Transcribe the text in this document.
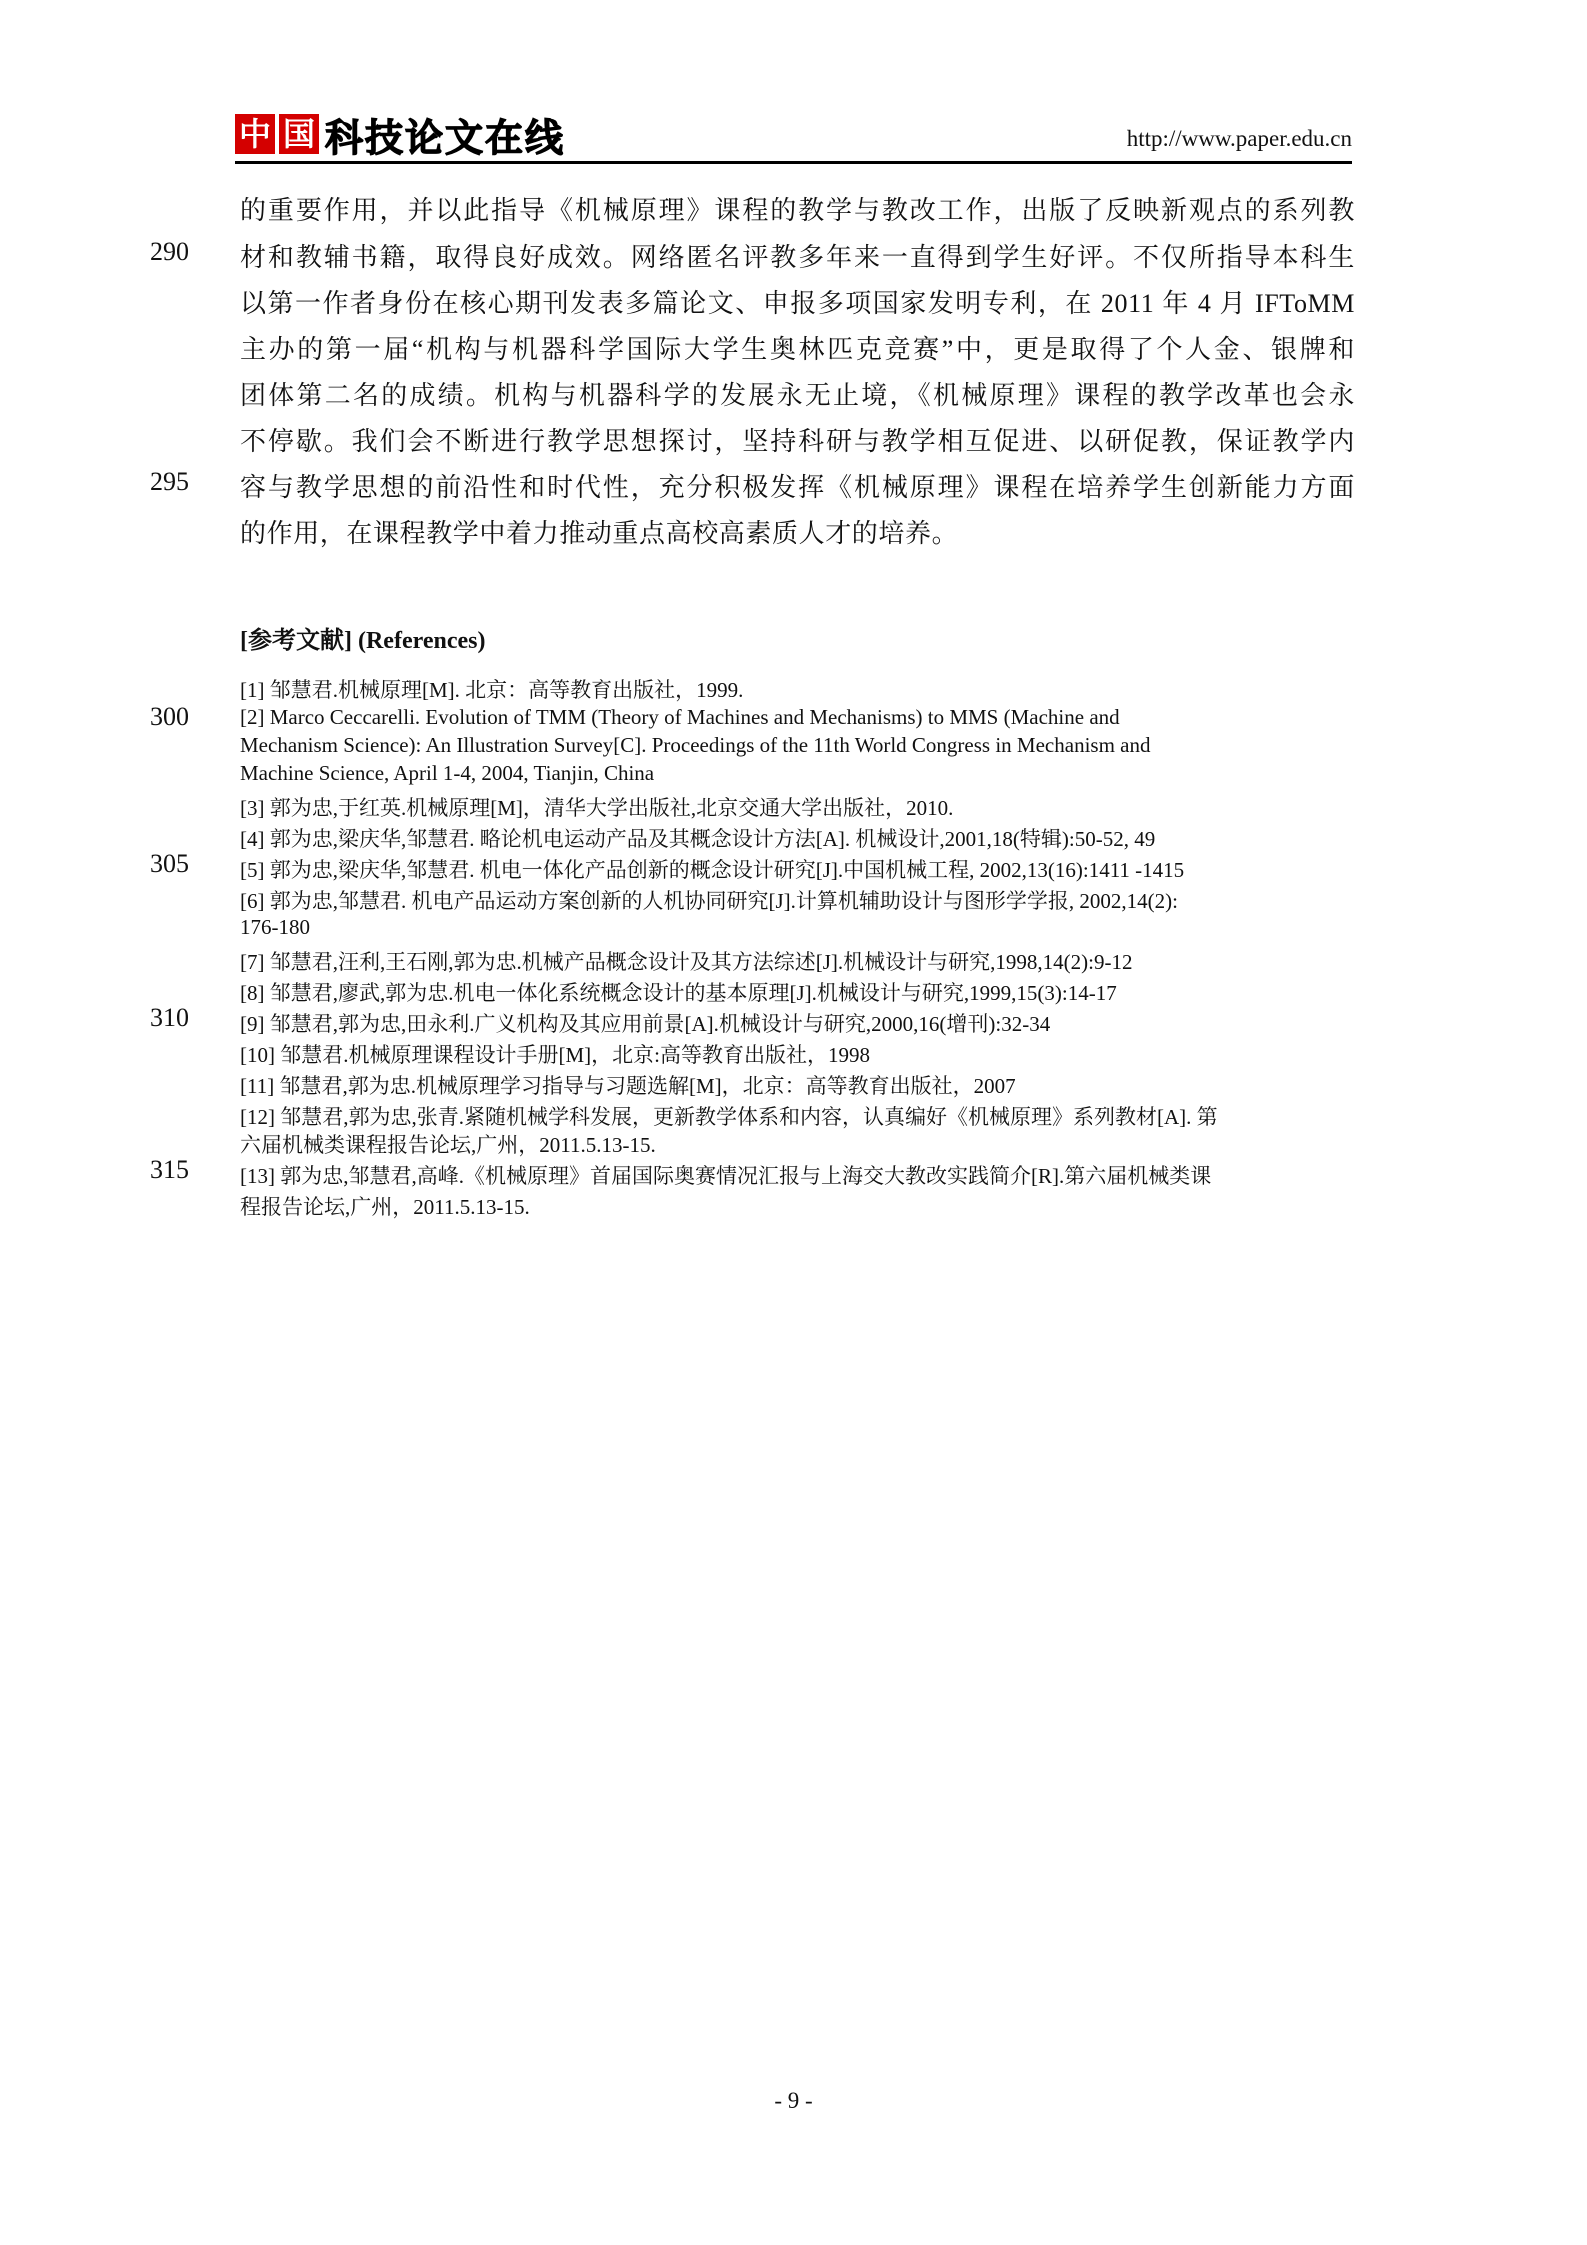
中 国 科技论文在线	http://www.paper.edu.cn
的重要作用，并以此指导《机械原理》课程的教学与教改工作，出版了反映新观点的系列教
290 材和教辅书籍，取得良好成效。网络匿名评教多年来一直得到学生好评。不仅所指导本科生
以第一作者身份在核心期刊发表多篇论文、申报多项国家发明专利，在 2011 年 4 月 IFToMM
主办的第一届“机构与机器科学国际大学生奥林匹克竞赛”中，更是取得了个人金、银牌和
团体第二名的成绩。机构与机器科学的发展永无止境，《机械原理》课程的教学改革也会永
不停歇。我们会不断进行教学思想探讨，坚持科研与教学相互促进、以研促教，保证教学内
295 容与教学思想的前沿性和时代性，充分积极发挥《机械原理》课程在培养学生创新能力方面
的作用，在课程教学中着力推动重点高校高素质人才的培养。
[参考文献] (References)
[1] 邹慧君.机械原理[M]. 北京：高等教育出版社，1999.
300 [2] Marco Ceccarelli. Evolution of TMM (Theory of Machines and Mechanisms) to MMS (Machine and
Mechanism Science): An Illustration Survey[C]. Proceedings of the 11th World Congress in Mechanism and
Machine Science, April 1-4, 2004, Tianjin, China
[3] 郭为忠,于红英.机械原理[M]，清华大学出版社,北京交通大学出版社，2010.
[4] 郭为忠,梁庆华,邹慧君. 略论机电运动产品及其概念设计方法[A]. 机械设计,2001,18(特辑):50-52, 49
305 [5] 郭为忠,梁庆华,邹慧君. 机电一体化产品创新的概念设计研究[J].中国机械工程, 2002,13(16):1411 -1415
[6] 郭为忠,邹慧君. 机电产品运动方案创新的人机协同研究[J].计算机辅助设计与图形学学报, 2002,14(2):
176-180
[7] 邹慧君,汪利,王石刚,郭为忠.机械产品概念设计及其方法综述[J].机械设计与研究,1998,14(2):9-12
[8] 邹慧君,廖武,郭为忠.机电一体化系统概念设计的基本原理[J].机械设计与研究,1999,15(3):14-17
310 [9] 邹慧君,郭为忠,田永利.广义机构及其应用前景[A].机械设计与研究,2000,16(增刊):32-34
[10] 邹慧君.机械原理课程设计手册[M]，北京:高等教育出版社，1998
[11] 邹慧君,郭为忠.机械原理学习指导与习题选解[M]，北京：高等教育出版社，2007
[12] 邹慧君,郭为忠,张青.紧随机械学科发展，更新教学体系和内容，认真编好《机械原理》系列教材[A]. 第
六届机械类课程报告论坛,广州，2011.5.13-15.
315 [13] 郭为忠,邹慧君,高峰.《机械原理》首届国际奥赛情况汇报与上海交大教改实践简介[R].第六届机械类课
程报告论坛,广州，2011.5.13-15.
- 9 -
